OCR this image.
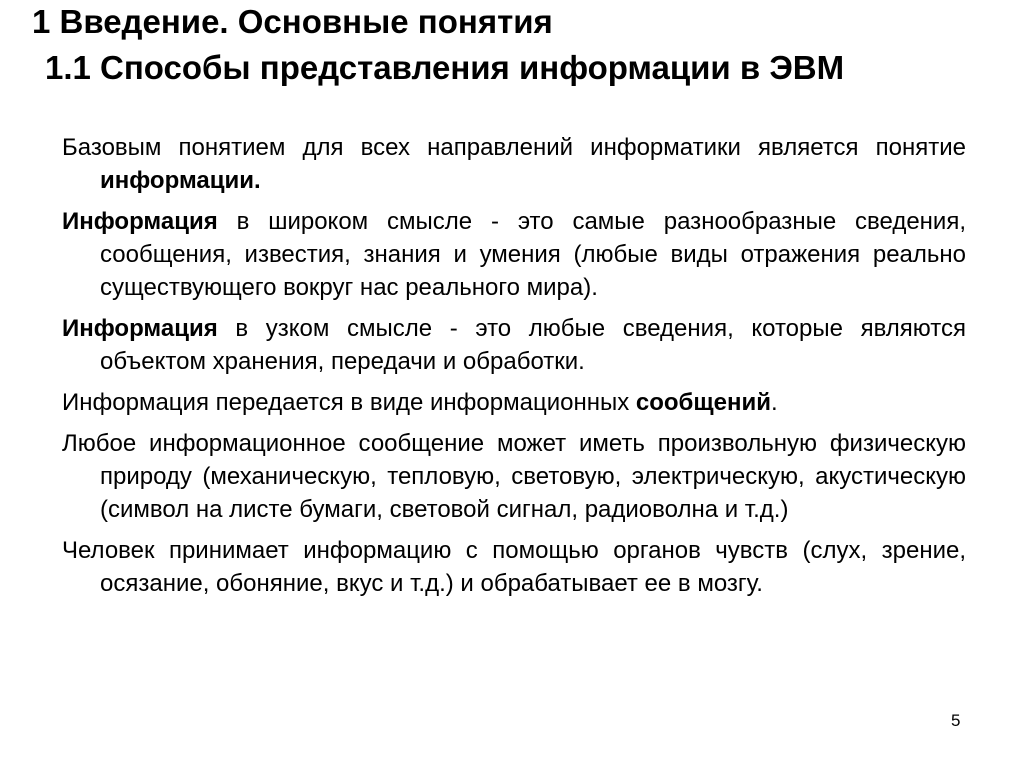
1 Введение. Основные понятия
1.1 Способы представления информации в ЭВМ

Базовым понятием для всех направлений информатики является понятие информации.

Информация в широком смысле - это самые разнообразные сведения, сообщения, известия, знания и умения (любые виды отражения реально существующего вокруг нас реального мира).

Информация в узком смысле - это любые сведения, которые являются объектом хранения, передачи и обработки.

Информация передается в виде информационных сообщений.

Любое информационное сообщение может иметь произвольную физическую природу (механическую, тепловую, световую, электрическую, акустическую (символ на листе бумаги, световой сигнал, радиоволна и т.д.)

Человек принимает информацию с помощью органов чувств (слух, зрение, осязание, обоняние, вкус и т.д.) и обрабатывает ее в мозгу.

5
